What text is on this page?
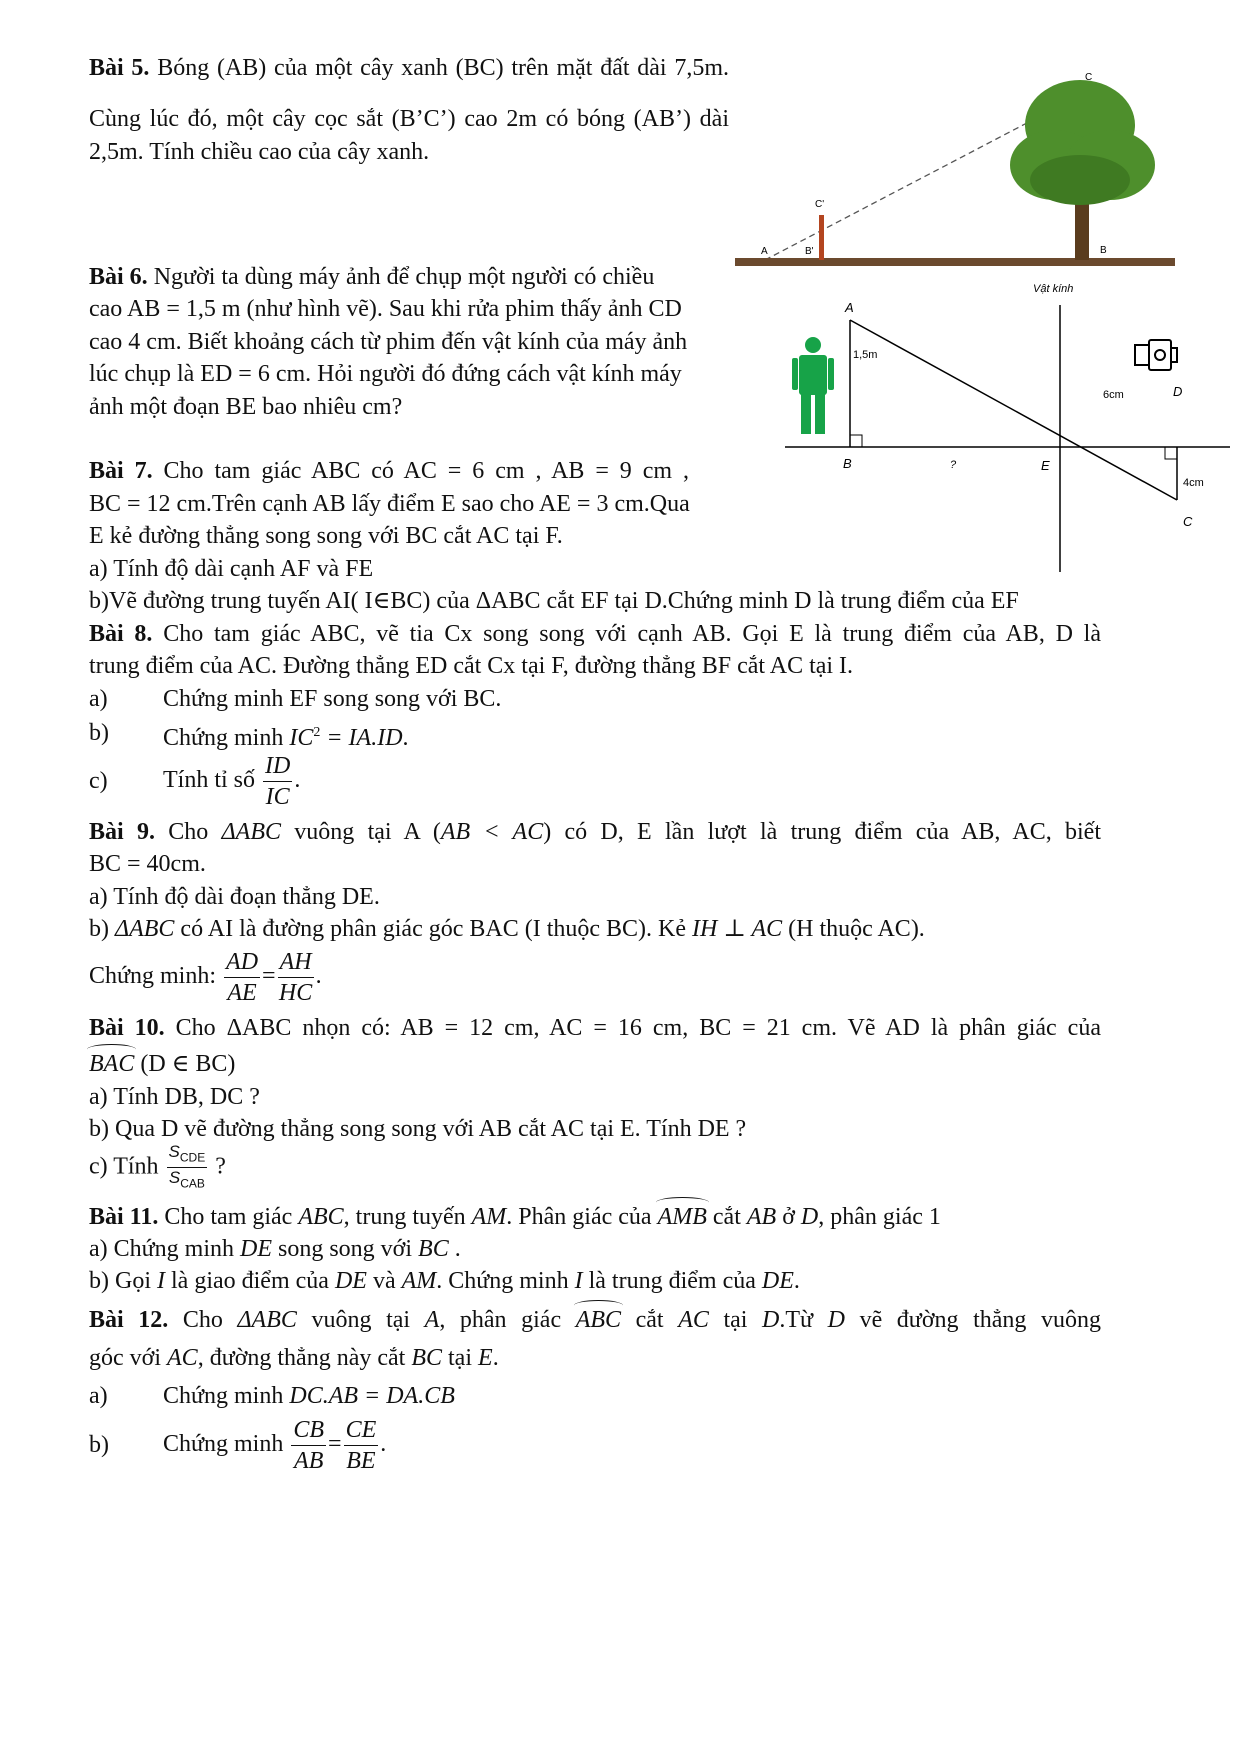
Bài 5. Bóng (AB) của một cây xanh (BC) trên mặt đất dài 7,5m.
Cùng lúc đó, một cây cọc sắt (B’C’) cao 2m có bóng (AB’) dài
2,5m. Tính chiều cao của cây xanh.
C
C'
A	B'	B
Bài 6. Người ta dùng máy ảnh để chụp một người có chiều
cao AB = 1,5 m (như hình vẽ). Sau khi rửa phim thấy ảnh CD
cao 4 cm. Biết khoảng cách từ phim đến vật kính của máy ảnh
lúc chụp là ED = 6 cm. Hỏi người đó đứng cách vật kính máy
ảnh một đoạn BE bao nhiêu cm?
Vật kính
A
1,5m
6cm	D
B	?	E
4cm
C
Bài 7. Cho tam giác ABC có AC = 6 cm , AB = 9 cm ,
BC = 12 cm.Trên cạnh AB lấy điểm E sao cho AE = 3 cm.Qua
E kẻ đường thẳng song song với BC cắt AC tại F.
a) Tính độ dài cạnh AF và FE
b)Vẽ đường trung tuyến AI( I∈BC) của ΔABC cắt EF tại D.Chứng minh D là trung điểm của EF
Bài 8. Cho tam giác ABC, vẽ tia Cx song song với cạnh AB. Gọi E là trung điểm của AB, D là
trung điểm của AC. Đường thẳng ED cắt Cx tại F, đường thẳng BF cắt AC tại I.
a) Chứng minh EF song song với BC.
b) Chứng minh $IC^2 = IA.ID$.
c) Tính tỉ số $\frac{ID}{IC}$ .
Bài 9. Cho ΔABC vuông tại A (AB < AC) có D, E lần lượt là trung điểm của AB, AC, biết
BC = 40cm.
a) Tính độ dài đoạn thẳng DE.
b) ΔABC có AI là đường phân giác góc BAC (I thuộc BC). Kẻ IH ⊥ AC (H thuộc AC).
Chứng minh: $\frac{AD}{AE} = \frac{AH}{HC}$ .
Bài 10. Cho ΔABC nhọn có: AB = 12 cm, AC = 16 cm, BC = 21 cm. Vẽ AD là phân giác của
BAC (D ∈ BC)
a) Tính DB, DC ?
b) Qua D vẽ đường thẳng song song với AB cắt AC tại E. Tính DE ?
c) Tính $\frac{S_{CDE}}{S_{CAB}}$ ?
Bài 11. Cho tam giác ABC, trung tuyến AM. Phân giác của AMB cắt AB ở D, phân giác 1
a) Chứng minh DE song song với BC .
b) Gọi I là giao điểm của DE và AM. Chứng minh I là trung điểm của DE.
Bài 12. Cho ΔABC vuông tại A, phân giác ABC cắt AC tại D.Từ D vẽ đường thẳng vuông
góc với AC, đường thẳng này cắt BC tại E.
a) Chứng minh DC.AB = DA.CB
b) Chứng minh $\frac{CB}{AB} = \frac{CE}{BE}$ .
